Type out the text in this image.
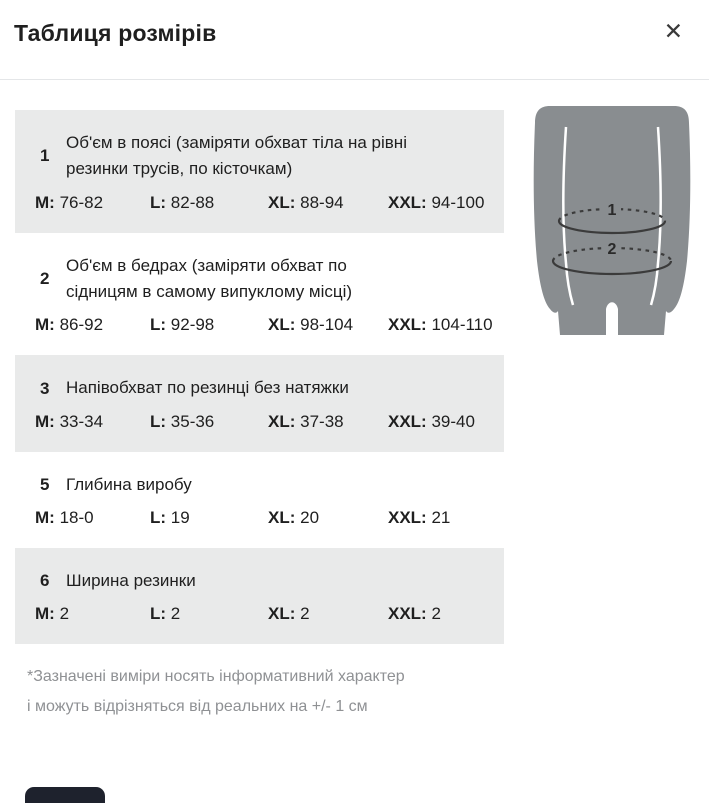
Таблиця розмірів	✕
1
Об'єм в поясі (заміряти обхват тіла на рівні
резинки трусів, по кісточкам)
M: 76-82	L: 82-88	XL: 88-94	XXL: 94-100
2
Об'єм в бедрах (заміряти обхват по
сідницям в самому випуклому місці)
M: 86-92	L: 92-98	XL: 98-104	XXL: 104-110
3 Напівобхват по резинці без натяжки
M: 33-34	L: 35-36	XL: 37-38	XXL: 39-40
5 Глибина виробу
M: 18-0	L: 19	XL: 20	XXL: 21
6 Ширина резинки
M: 2	L: 2	XL: 2	XXL: 2
*Зазначені виміри носять інформативний характер
і можуть відрізняться від реальних на +/- 1 см
1
2
